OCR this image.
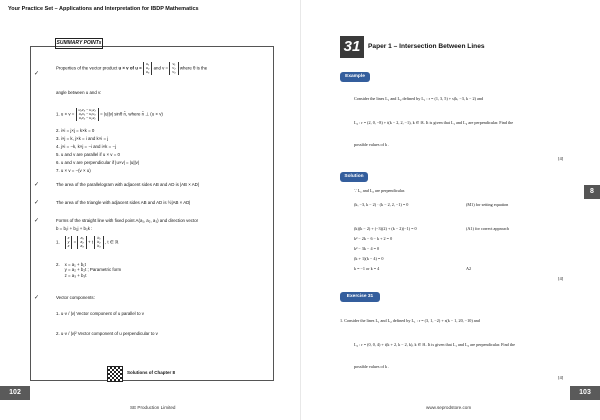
Your Practice Set – Applications and Interpretation for IBDP Mathematics
SUMMARY POINTs
✓
Properties of the vector product u × v of u = u₁
u₂
u₃ and v = v₁
v₂
v₃ where θ is the
angle between u and v:
1. u × v = u₂v₃ − u₃v₂
u₃v₁ − u₁v₃
u₁v₂ − u₂v₁ = |u||v| sinθ n̂, where n̂ ⊥ (u × v)
2. i×i = j×j = k×k = 0
3. i×j = k, j×k = i and k×i = j
4. j×i = −k, k×j = −i and i×k = −j
5. u and v are parallel if u × v = 0
6. u and v are perpendicular if |u×v| = |u||v|
7. u × v = −(v × u)
✓	The area of the parallelogram with adjacent sides AB and AD is |AB × AD|
✓	The area of the triangle with adjacent sides AB and AD is ½|AB × AD|
✓	Forms of the straight line with fixed point A(a₁, a₂, a₃) and direction vector
b = b₁i + b₂j + b₃k :
1.    x
y
z = a₁
a₂
a₃ + t b₁
b₂
b₃ , t ∈ ℝ
2.    x = a₁ + b₁t
y = a₂ + b₂t ; Parametric form
z = a₃ + b₃t
✓	Vector components:
1. u·v / |v| Vector component of u parallel to v
2. u·v / |v|² Vector component of u perpendicular to v
Solutions of Chapter 8
102
SE Production Limited
31	Paper 1 – Intersection Between Lines
Example
Consider the lines L₁ and L₂ defined by L₁ : r = (1, 3, 5) + s(k, −3, k − 2) and
L₂ : r = (2, 0, −8) + t(k − 2, 2, −1), k ∈ ℝ. It is given that L₁ and L₂ are perpendicular. Find the
possible values of k .
[4]
Solution
∵ L₁ and L₂ are perpendicular.
(k, −3, k − 2) · (k − 2, 2, −1) = 0
(k)(k − 2) + (−3)(2) + (k − 2)(−1) = 0
k² − 2k − 6 − k + 2 = 0
k² − 3k − 4 = 0
(k + 1)(k − 4) = 0
k = −1 or k = 4
(M1) for setting equation
(A1) for correct approach
A2
[4]
Exercise 31
1. Consider the lines L₁ and L₂ defined by L₁ : r = (3, 1, −2) + s(k − 1, 20, −10) and
L₂ : r = (0, 0, 4) + t(k + 2, k − 2, k), k ∈ ℝ. It is given that L₁ and L₂ are perpendicular. Find the
possible values of k .
[4]
8
103
www.seprodstore.com
